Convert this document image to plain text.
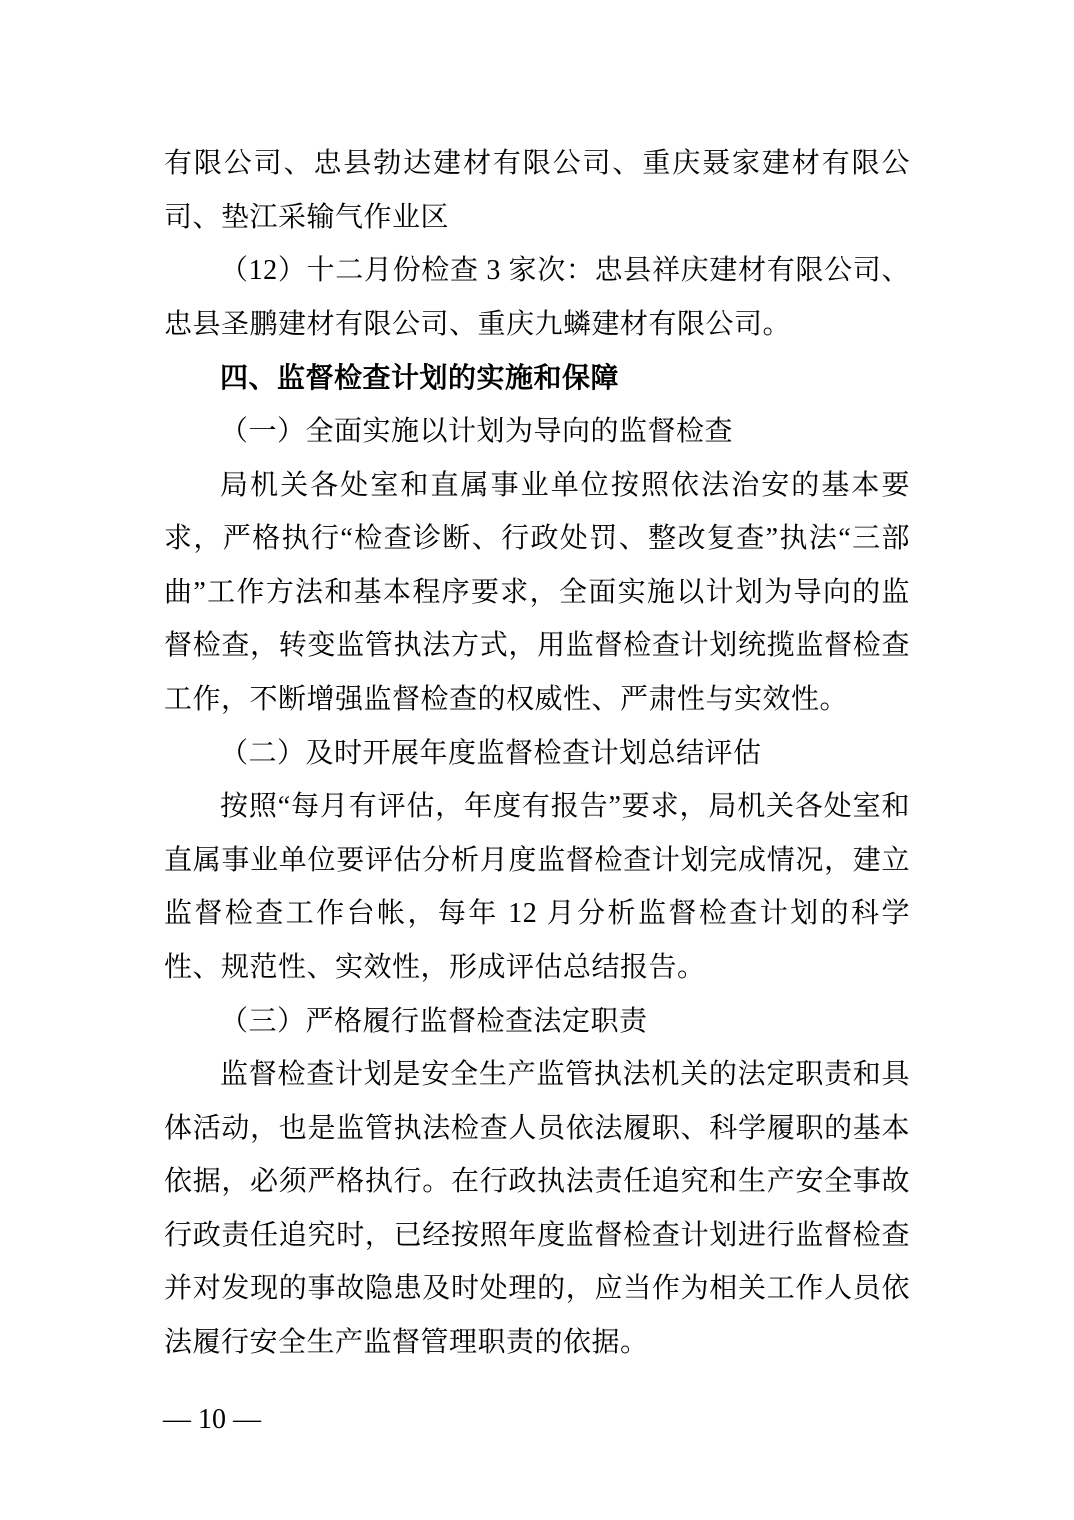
有限公司、忠县勃达建材有限公司、重庆聂家建材有限公司、垫江采输气作业区

（12）十二月份检查 3 家次：忠县祥庆建材有限公司、忠县圣鹏建材有限公司、重庆九䗲建材有限公司。

四、监督检查计划的实施和保障

（一）全面实施以计划为导向的监督检查

局机关各处室和直属事业单位按照依法治安的基本要求，严格执行“检查诊断、行政处罚、整改复查”执法“三部曲”工作方法和基本程序要求，全面实施以计划为导向的监督检查，转变监管执法方式，用监督检查计划统揽监督检查工作，不断增强监督检查的权威性、严肃性与实效性。

（二）及时开展年度监督检查计划总结评估

按照“每月有评估，年度有报告”要求，局机关各处室和直属事业单位要评估分析月度监督检查计划完成情况，建立监督检查工作台帐，每年 12 月分析监督检查计划的科学性、规范性、实效性，形成评估总结报告。

（三）严格履行监督检查法定职责

监督检查计划是安全生产监管执法机关的法定职责和具体活动，也是监管执法检查人员依法履职、科学履职的基本依据，必须严格执行。在行政执法责任追究和生产安全事故行政责任追究时，已经按照年度监督检查计划进行监督检查并对发现的事故隐患及时处理的，应当作为相关工作人员依法履行安全生产监督管理职责的依据。

— 10 —
